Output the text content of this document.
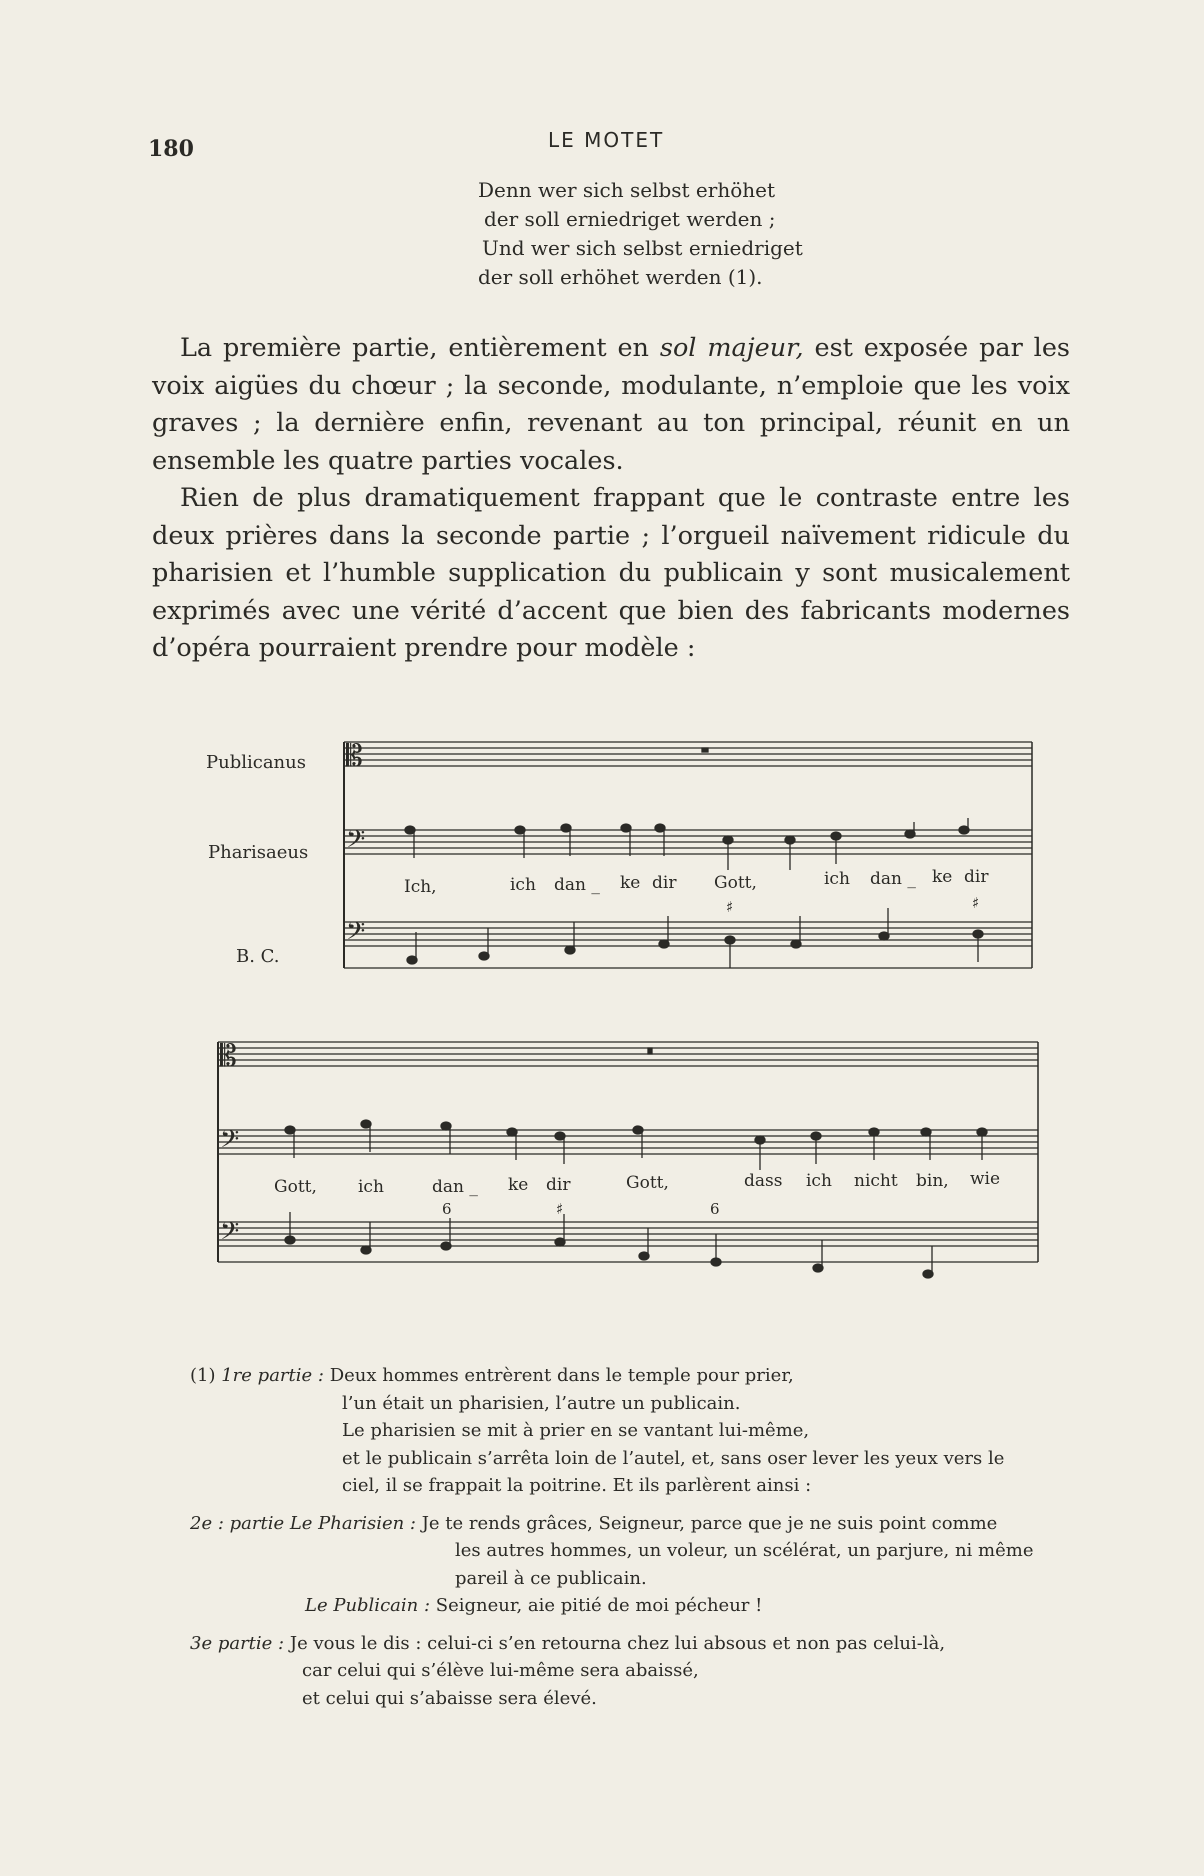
180	LE MOTET
Denn wer sich selbst erhöhet
der soll erniedriget werden ;
Und wer sich selbst erniedriget
der soll erhöhet werden (1).

La première partie, entièrement en sol majeur, est exposée par les voix aigües du chœur ; la seconde, modulante, n’emploie que les voix graves ; la dernière enfin, revenant au ton principal, réunit en un ensemble les quatre parties vocales.

Rien de plus dramatiquement frappant que le contraste entre les deux prières dans la seconde partie ; l’orgueil naïvement ridicule du pharisien et l’humble supplication du publicain y sont musicalement exprimés avec une vérité d’accent que bien des fabricants modernes d’opéra pourraient prendre pour modèle :

𝄡
𝄢
𝄢
𝄡
𝄢
𝄢
Publicanus
Pharisaeus
B. C.
Ich,	ich dan _ ke dir Gott,	ich dan _ ke dir
♯	♯
Gott, ich	dan _ ke dir	Gott,	dass ich nicht bin, wie
6	♯	6
(1) 1re partie : Deux hommes entrèrent dans le temple pour prier,
l’un était un pharisien, l’autre un publicain.
Le pharisien se mit à prier en se vantant lui-même,
et le publicain s’arrêta loin de l’autel, et, sans oser lever les yeux vers le
ciel, il se frappait la poitrine. Et ils parlèrent ainsi :
2e : partie Le Pharisien : Je te rends grâces, Seigneur, parce que je ne suis point comme
les autres hommes, un voleur, un scélérat, un parjure, ni même
pareil à ce publicain.
Le Publicain : Seigneur, aie pitié de moi pécheur !
3e partie : Je vous le dis : celui-ci s’en retourna chez lui absous et non pas celui-là,
car celui qui s’élève lui-même sera abaissé,
et celui qui s’abaisse sera élevé.
